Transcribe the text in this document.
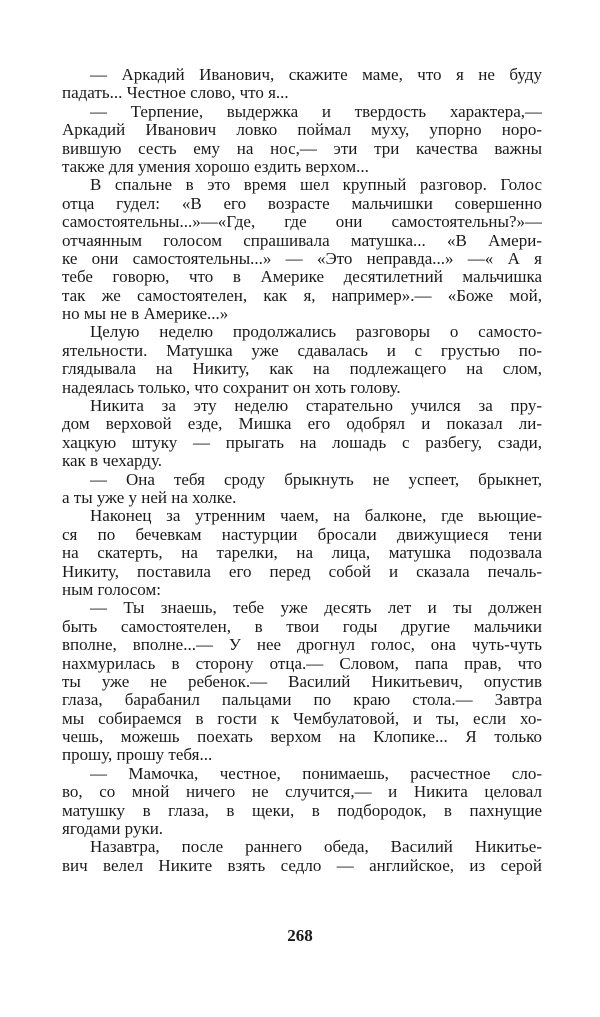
— Аркадий Иванович, скажите маме, что я не буду
падать... Честное слово, что я...
— Терпение, выдержка и твердость характера,—
Аркадий Иванович ловко поймал муху, упорно норо-
вившую сесть ему на нос,— эти три качества важны
также для умения хорошо ездить верхом...
В спальне в это время шел крупный разговор. Голос
отца гудел: «В его возрасте мальчишки совершенно
самостоятельны...»—«Где, где они самостоятельны?»—
отчаянным голосом спрашивала матушка... «В Амери-
ке они самостоятельны...» — «Это неправда...» —« А я
тебе говорю, что в Америке десятилетний мальчишка
так же самостоятелен, как я, например».— «Боже мой,
но мы не в Америке...»
Целую неделю продолжались разговоры о самосто-
ятельности. Матушка уже сдавалась и с грустью по-
глядывала на Никиту, как на подлежащего на слом,
надеялась только, что сохранит он хоть голову.
Никита за эту неделю старательно учился за пру-
дом верховой езде, Мишка его одобрял и показал ли-
хацкую штуку — прыгать на лошадь с разбегу, сзади,
как в чехарду.
— Она тебя сроду брыкнуть не успеет, брыкнет,
а ты уже у ней на холке.
Наконец за утренним чаем, на балконе, где вьющие-
ся по бечевкам настурции бросали движущиеся тени
на скатерть, на тарелки, на лица, матушка подозвала
Никиту, поставила его перед собой и сказала печаль-
ным голосом:
— Ты знаешь, тебе уже десять лет и ты должен
быть самостоятелен, в твои годы другие мальчики
вполне, вполне...— У нее дрогнул голос, она чуть-чуть
нахмурилась в сторону отца.— Словом, папа прав, что
ты уже не ребенок.— Василий Никитьевич, опустив
глаза, барабанил пальцами по краю стола.— Завтра
мы собираемся в гости к Чембулатовой, и ты, если хо-
чешь, можешь поехать верхом на Клопике... Я только
прошу, прошу тебя...
— Мамочка, честное, понимаешь, расчестное сло-
во, со мной ничего не случится,— и Никита целовал
матушку в глаза, в щеки, в подбородок, в пахнущие
ягодами руки.
Назавтра, после раннего обеда, Василий Никитье-
вич велел Никите взять седло — английское, из серой
268
